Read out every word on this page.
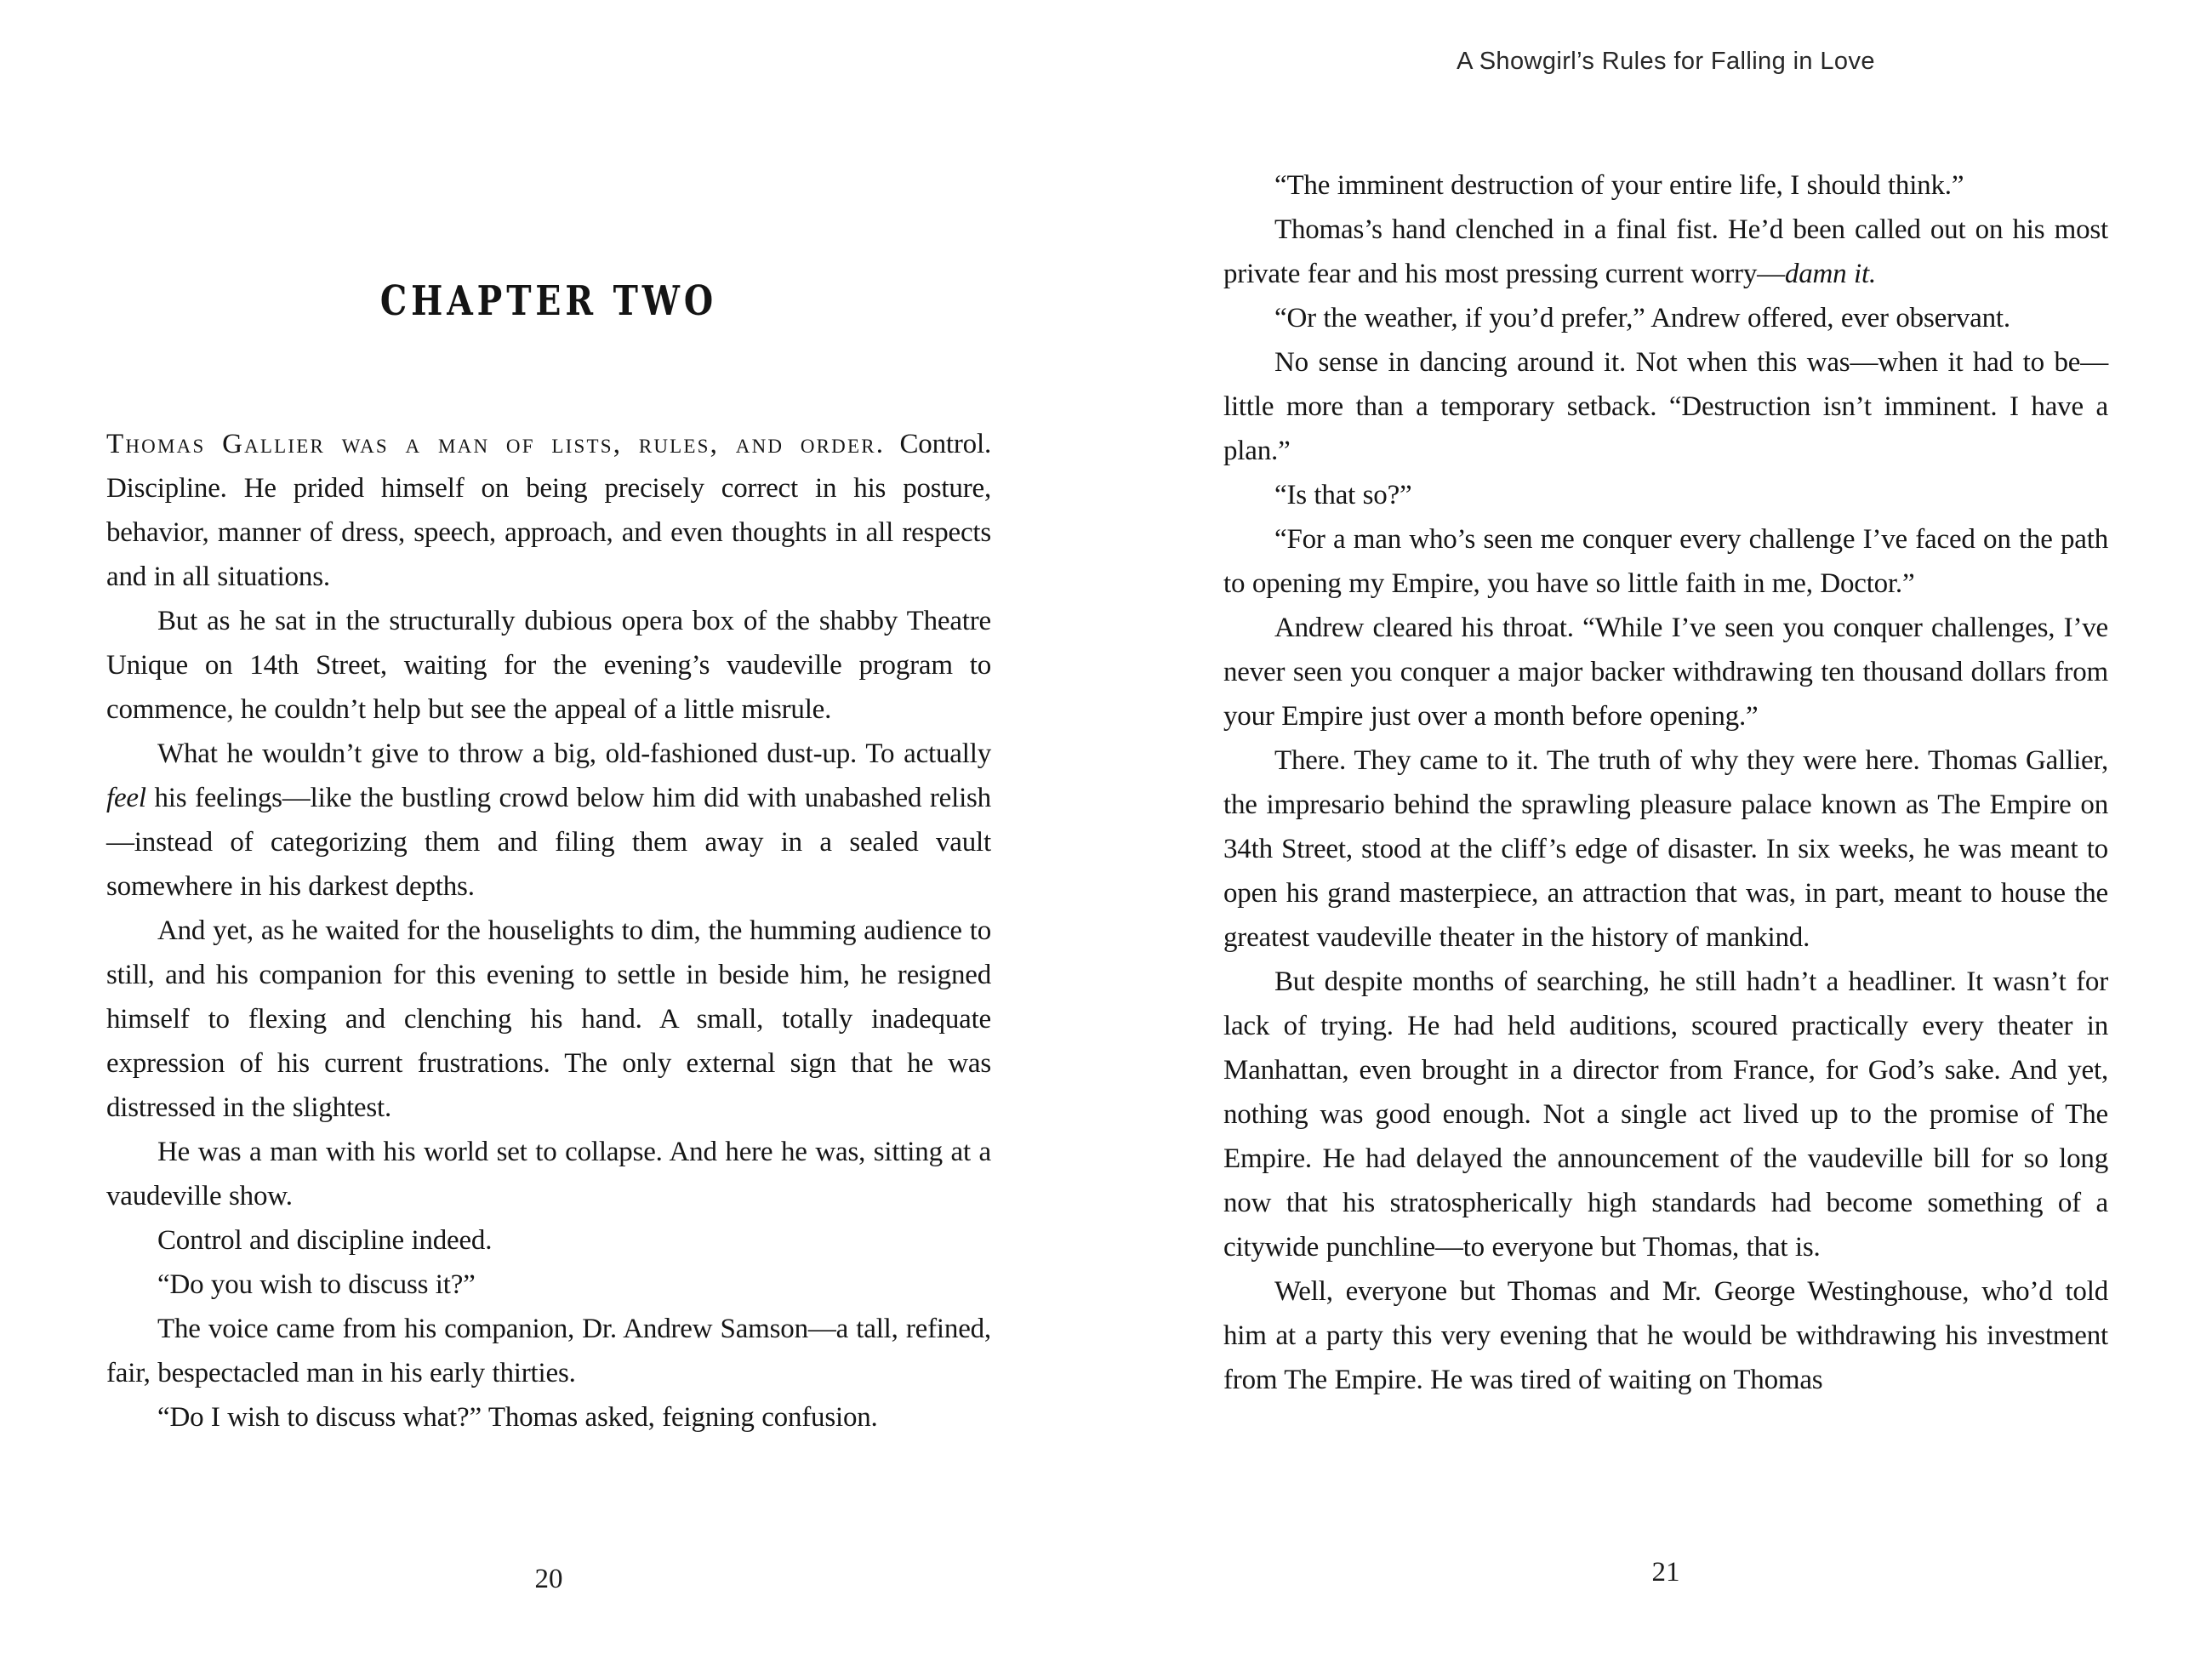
CHAPTER TWO

Thomas Gallier was a man of lists, rules, and order. Control. Discipline. He prided himself on being precisely correct in his posture, behavior, manner of dress, speech, approach, and even thoughts in all respects and in all situations.

But as he sat in the structurally dubious opera box of the shabby Theatre Unique on 14th Street, waiting for the evening’s vaudeville program to commence, he couldn’t help but see the appeal of a little misrule.

What he wouldn’t give to throw a big, old-fashioned dust-up. To actually feel his feelings—like the bustling crowd below him did with unabashed relish—instead of categorizing them and filing them away in a sealed vault somewhere in his darkest depths.

And yet, as he waited for the houselights to dim, the humming audience to still, and his companion for this evening to settle in beside him, he resigned himself to flexing and clenching his hand. A small, totally inadequate expression of his current frustrations. The only external sign that he was distressed in the slightest.

He was a man with his world set to collapse. And here he was, sitting at a vaudeville show.

Control and discipline indeed.

“Do you wish to discuss it?”

The voice came from his companion, Dr. Andrew Samson—a tall, refined, fair, bespectacled man in his early thirties.

“Do I wish to discuss what?” Thomas asked, feigning confusion.

20
A Showgirl’s Rules for Falling in Love

“The imminent destruction of your entire life, I should think.”

Thomas’s hand clenched in a final fist. He’d been called out on his most private fear and his most pressing current worry—damn it.

“Or the weather, if you’d prefer,” Andrew offered, ever observant.

No sense in dancing around it. Not when this was—when it had to be—little more than a temporary setback. “Destruction isn’t imminent. I have a plan.”

“Is that so?”

“For a man who’s seen me conquer every challenge I’ve faced on the path to opening my Empire, you have so little faith in me, Doctor.”

Andrew cleared his throat. “While I’ve seen you conquer challenges, I’ve never seen you conquer a major backer withdrawing ten thousand dollars from your Empire just over a month before opening.”

There. They came to it. The truth of why they were here. Thomas Gallier, the impresario behind the sprawling pleasure palace known as The Empire on 34th Street, stood at the cliff’s edge of disaster. In six weeks, he was meant to open his grand masterpiece, an attraction that was, in part, meant to house the greatest vaudeville theater in the history of mankind.

But despite months of searching, he still hadn’t a headliner. It wasn’t for lack of trying. He had held auditions, scoured practically every theater in Manhattan, even brought in a director from France, for God’s sake. And yet, nothing was good enough. Not a single act lived up to the promise of The Empire. He had delayed the announcement of the vaudeville bill for so long now that his stratospherically high standards had become something of a citywide punchline—to everyone but Thomas, that is.

Well, everyone but Thomas and Mr. George Westinghouse, who’d told him at a party this very evening that he would be withdrawing his investment from The Empire. He was tired of waiting on Thomas

21
